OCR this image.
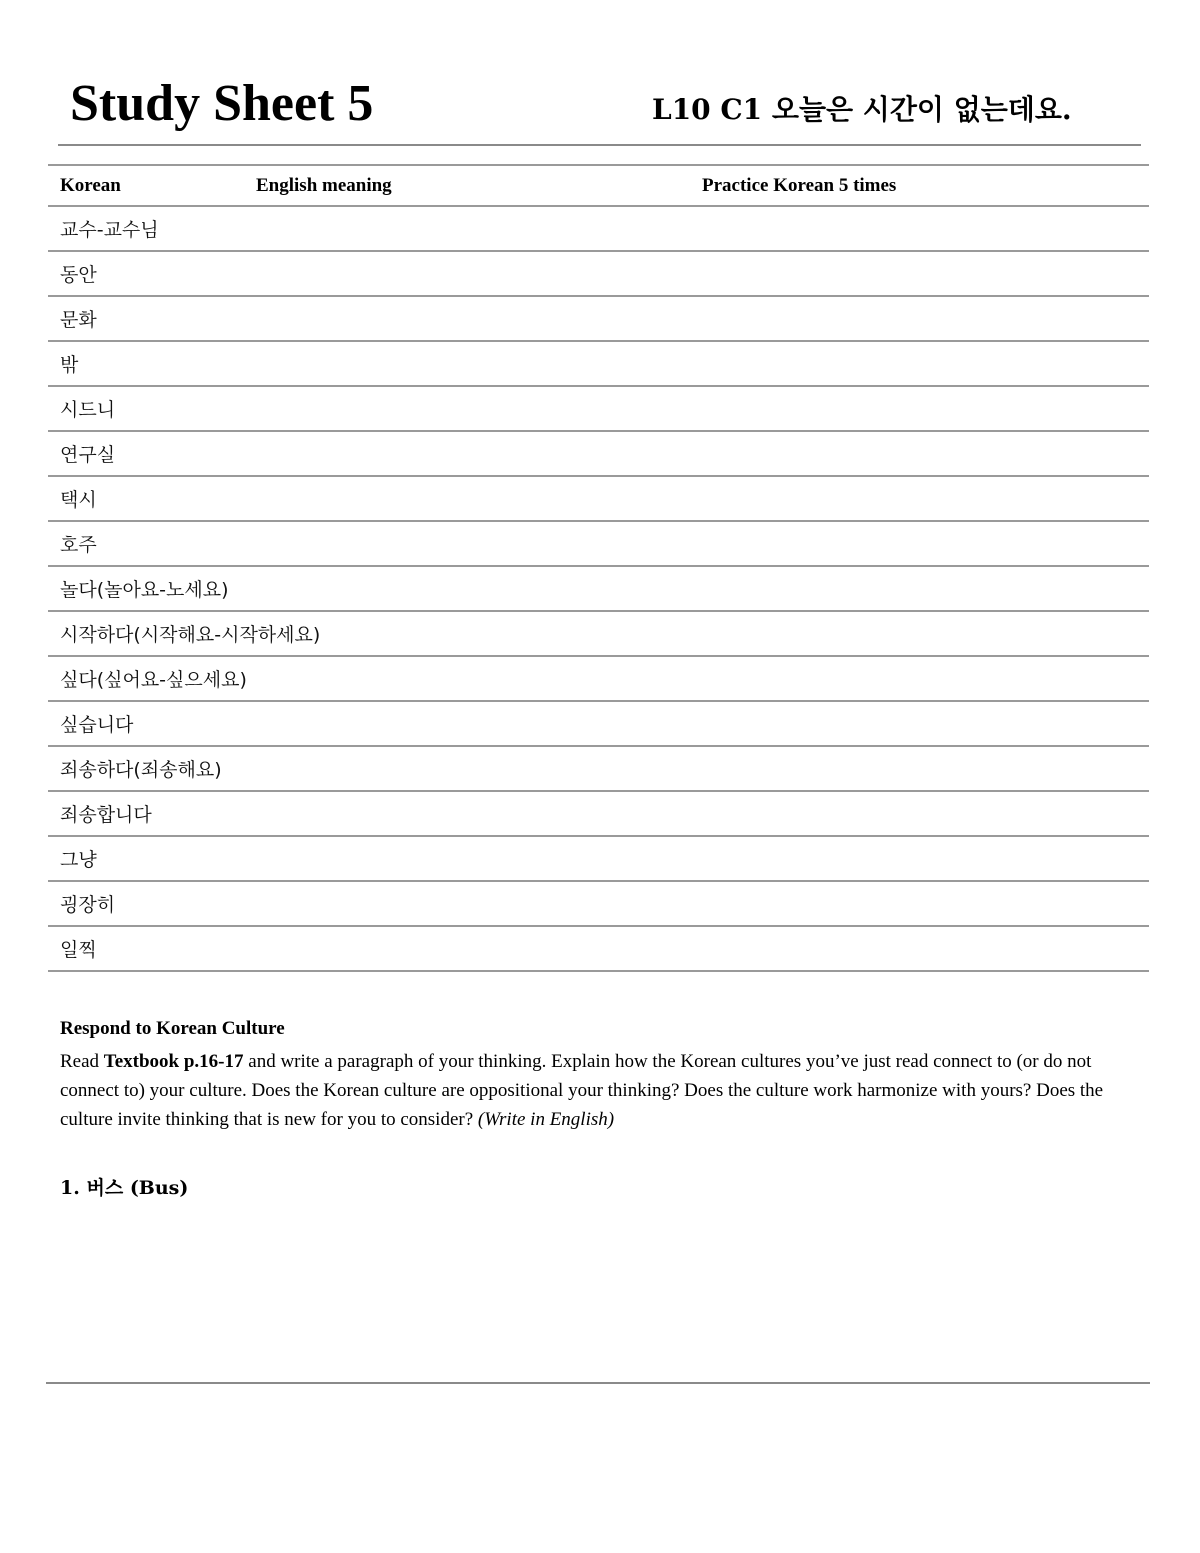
Study Sheet 5	L10 C1 오늘은 시간이 없는데요.
Korean	English meaning	Practice Korean 5 times
교수-교수님		
동안		
문화		
밖		
시드니		
연구실		
택시		
호주		
놀다(놀아요-노세요)		
시작하다(시작해요-시작하세요)		
싶다(싶어요-싶으세요)		
싶습니다		
죄송하다(죄송해요)		
죄송합니다		
그냥		
굉장히		
일찍		
Respond to Korean Culture

Read Textbook p.16-17 and write a paragraph of your thinking. Explain how the Korean cultures you’ve just read connect to (or do not connect to) your culture. Does the Korean culture are oppositional your thinking? Does the culture work harmonize with yours? Does the culture invite thinking that is new for you to consider? (Write in English)

1. 버스 (Bus)
